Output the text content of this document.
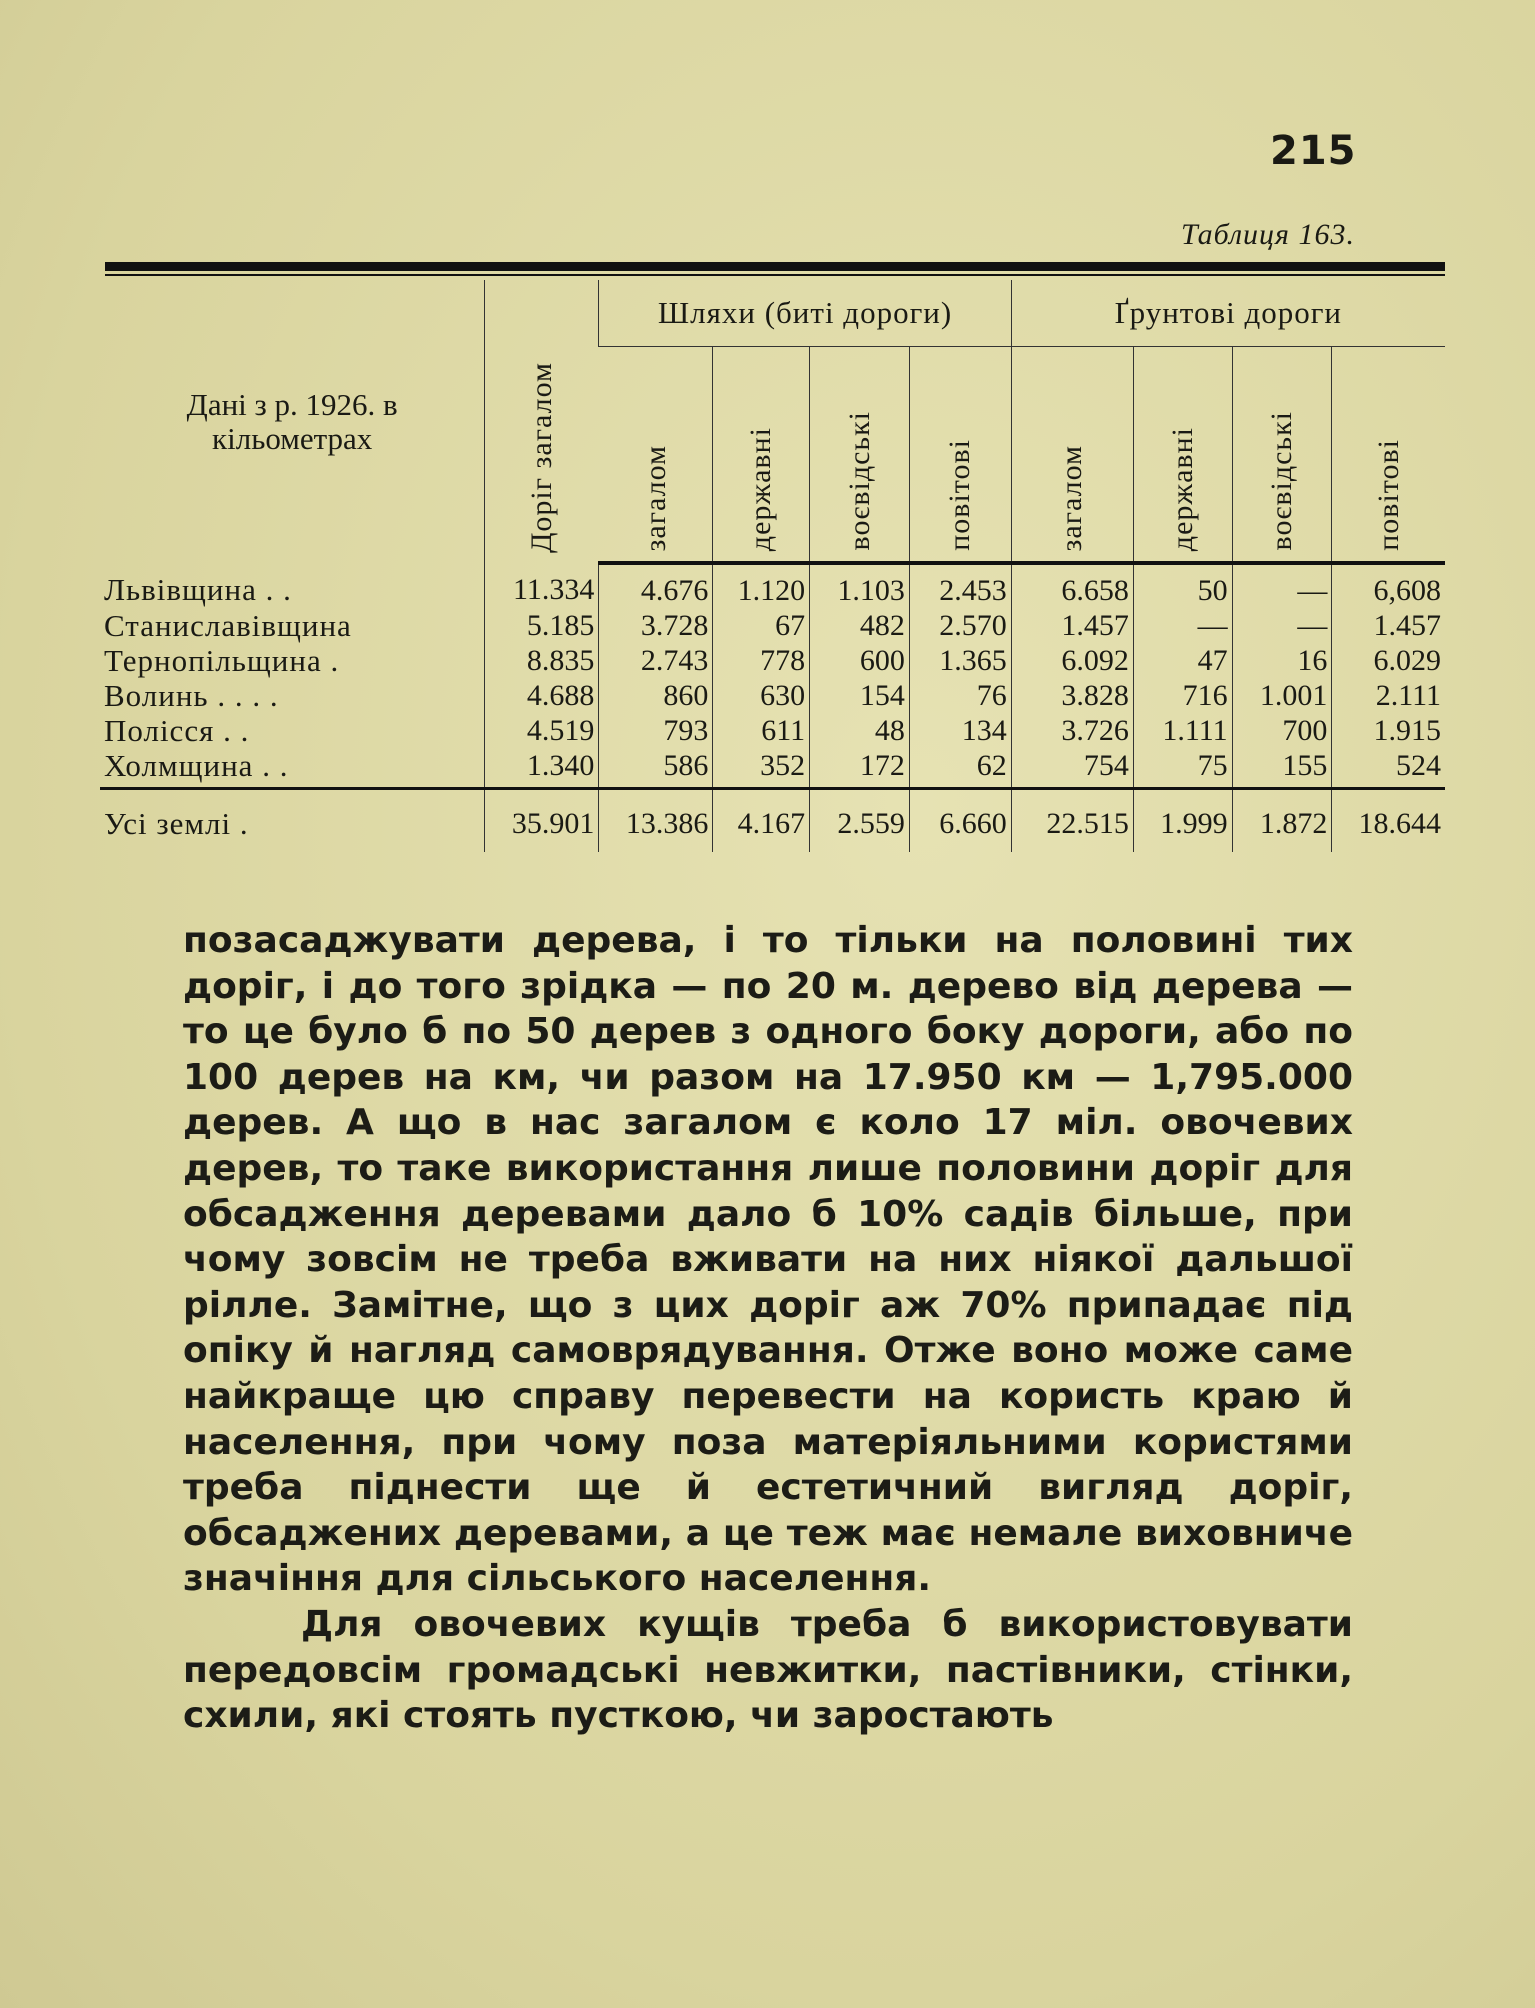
215
Таблиця 163.
Дані з р. 1926. в кільометрах	Доріг загалом	Шляхи (биті дороги)				Ґрунтові дороги			

		загалом	державні	воєвідські	повітові	загалом	державні	воєвідські	повітові

Львівщина . .	11.334	4.676	1.120	1.103	2.453	6.658	50	—	6,608
Станиславівщина	5.185	3.728	67	482	2.570	1.457	—	—	1.457
Тернопільщина .	8.835	2.743	778	600	1.365	6.092	47	16	6.029
Волинь . . . .	4.688	860	630	154	76	3.828	716	1.001	2.111
Полісся . .	4.519	793	611	48	134	3.726	1.111	700	1.915
Холмщина . .	1.340	586	352	172	62	754	75	155	524
Усі землі .	35.901	13.386	4.167	2.559	6.660	22.515	1.999	1.872	18.644

позасаджувати дерева, і то тільки на половині тих доріг, і до того зрідка — по 20 м. дерево від дерева — то це було б по 50 дерев з одного боку дороги, або по 100 дерев на км, чи разом на 17.950 км — 1,795.000 дерев. А що в нас загалом є коло 17 міл. овочевих дерев, то таке використання лише половини доріг для обсадження деревами дало б 10% садів більше, при чому зовсім не треба вживати на них ніякої дальшої рілле. Замітне, що з цих доріг аж 70% припадає під опіку й нагляд самоврядування. Отже воно може саме найкраще цю справу перевести на користь краю й населення, при чому поза матеріяльними користями треба піднести ще й естетичний вигляд доріг, обсаджених деревами, а це теж має немале виховниче значіння для сільського населення.

Для овочевих кущів треба б використовувати передовсім громадські невжитки, пастівники, стінки, схили, які стоять пусткою, чи заростають
